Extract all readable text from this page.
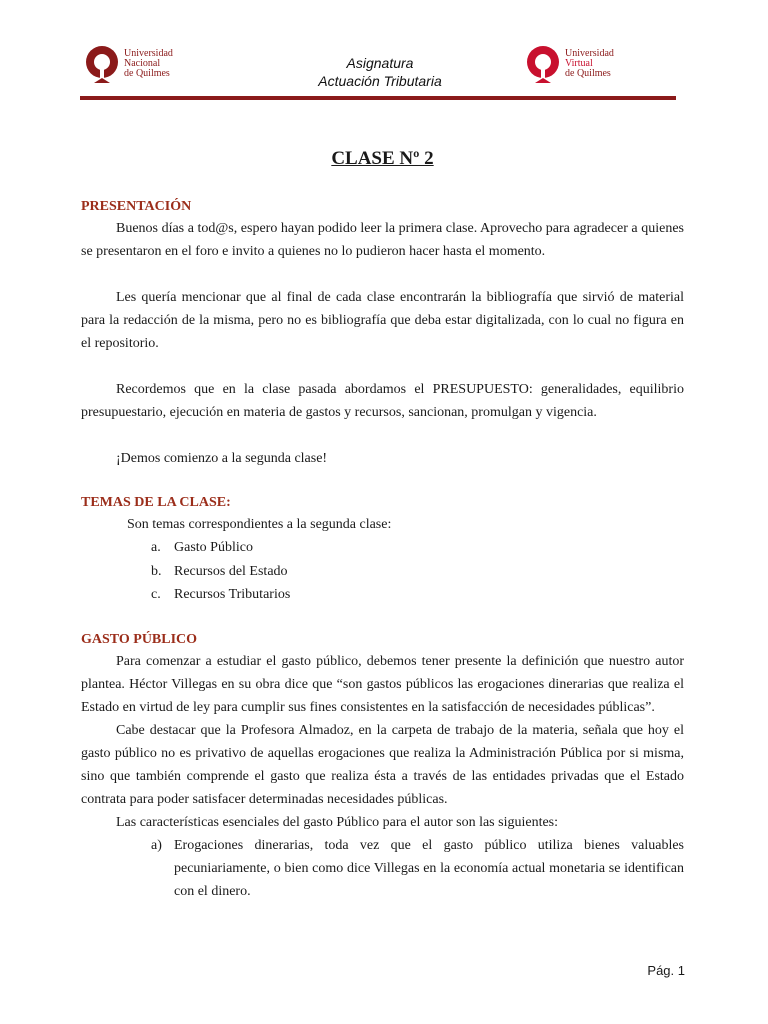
Universidad
Nacional
de Quilmes
Asignatura
Actuación Tributaria
Universidad
Virtual
de Quilmes
CLASE Nº 2
PRESENTACIÓN

Buenos días a tod@s, espero hayan podido leer la primera clase. Aprovecho para agradecer a quienes se presentaron en el foro e invito a quienes no lo pudieron hacer hasta el momento.

Les quería mencionar que al final de cada clase encontrarán la bibliografía que sirvió de material para la redacción de la misma, pero no es bibliografía que deba estar digitalizada, con lo cual no figura en el repositorio.

Recordemos que en la clase pasada abordamos el PRESUPUESTO: generalidades, equilibrio presupuestario, ejecución en materia de gastos y recursos, sancionan, promulgan y vigencia.

¡Demos comienzo a la segunda clase!

TEMAS DE LA CLASE:

Son temas correspondientes a la segunda clase:

a. Gasto Público
b. Recursos del Estado
c. Recursos Tributarios
GASTO PÚBLICO

Para comenzar a estudiar el gasto público, debemos tener presente la definición que nuestro autor plantea. Héctor Villegas en su obra dice que “son gastos públicos las erogaciones dinerarias que realiza el Estado en virtud de ley para cumplir sus fines consistentes en la satisfacción de necesidades públicas”.

Cabe destacar que la Profesora Almadoz, en la carpeta de trabajo de la materia, señala que hoy el gasto público no es privativo de aquellas erogaciones que realiza la Administración Pública por si misma, sino que también comprende el gasto que realiza ésta a través de las entidades privadas que el Estado contrata para poder satisfacer determinadas necesidades públicas.

Las características esenciales del gasto Público para el autor son las siguientes:

a) Erogaciones dinerarias, toda vez que el gasto público utiliza bienes valuables pecuniariamente, o bien como dice Villegas en la economía actual monetaria se identifican con el dinero.
Pág. 1
